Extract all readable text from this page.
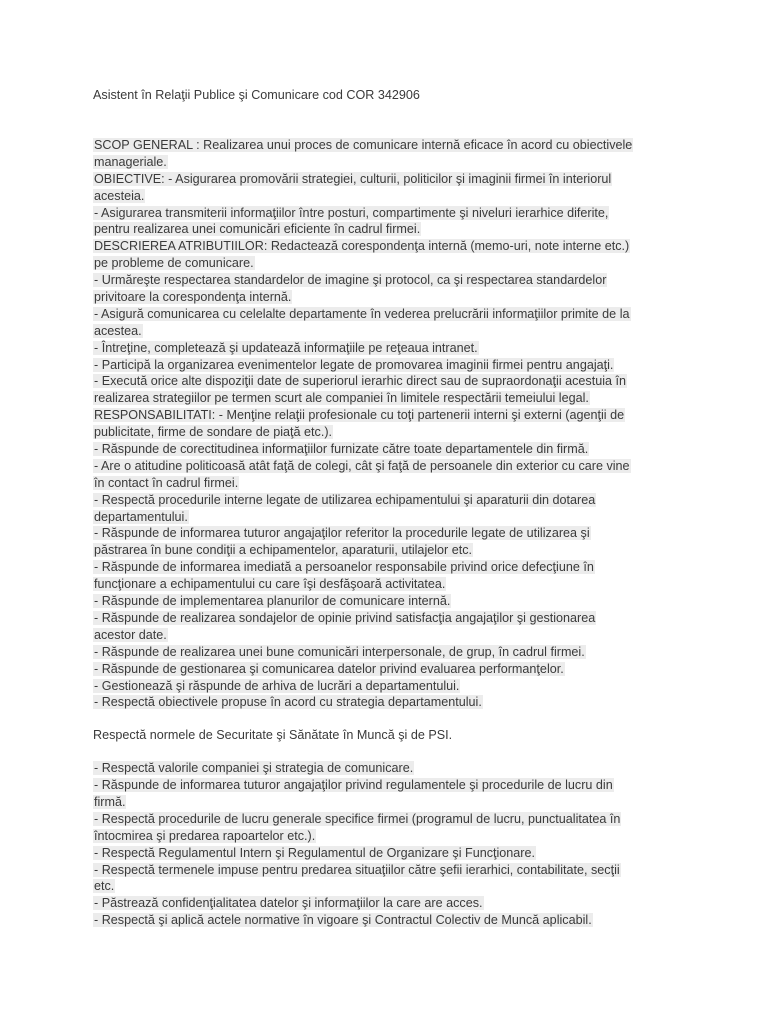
Asistent în Relaţii Publice şi Comunicare cod COR 342906
SCOP GENERAL : Realizarea unui proces de comunicare internă eficace în acord cu obiectivele
manageriale.
OBIECTIVE: - Asigurarea promovării strategiei, culturii, politicilor şi imaginii firmei în interiorul
acesteia.
- Asigurarea transmiterii informaţiilor între posturi, compartimente şi niveluri ierarhice diferite,
pentru realizarea unei comunicări eficiente în cadrul firmei.
DESCRIEREA ATRIBUTIILOR: Redactează corespondenţa internă (memo-uri, note interne etc.)
pe probleme de comunicare.
- Urmăreşte respectarea standardelor de imagine şi protocol, ca şi respectarea standardelor
privitoare la corespondenţa internă.
- Asigură comunicarea cu celelalte departamente în vederea prelucrării informaţiilor primite de la
acestea.
- Întreţine, completează şi updatează informaţiile pe reţeaua intranet.
- Participă la organizarea evenimentelor legate de promovarea imaginii firmei pentru angajaţi.
- Execută orice alte dispoziţii date de superiorul ierarhic direct sau de supraordonaţii acestuia în
realizarea strategiilor pe termen scurt ale companiei în limitele respectării temeiului legal.
RESPONSABILITATI: - Menţine relaţii profesionale cu toţi partenerii interni şi externi (agenţii de
publicitate, firme de sondare de piaţă etc.).
- Răspunde de corectitudinea informaţiilor furnizate către toate departamentele din firmă.
- Are o atitudine politicoasă atât faţă de colegi, cât şi faţă de persoanele din exterior cu care vine
în contact în cadrul firmei.
- Respectă procedurile interne legate de utilizarea echipamentului şi aparaturii din dotarea
departamentului.
- Răspunde de informarea tuturor angajaţilor referitor la procedurile legate de utilizarea şi
păstrarea în bune condiţii a echipamentelor, aparaturii, utilajelor etc.
- Răspunde de informarea imediată a persoanelor responsabile privind orice defecţiune în
funcţionare a echipamentului cu care îşi desfăşoară activitatea.
- Răspunde de implementarea planurilor de comunicare internă.
- Răspunde de realizarea sondajelor de opinie privind satisfacţia angajaţilor şi gestionarea
acestor date.
- Răspunde de realizarea unei bune comunicări interpersonale, de grup, în cadrul firmei.
- Răspunde de gestionarea şi comunicarea datelor privind evaluarea performanţelor.
- Gestionează şi răspunde de arhiva de lucrări a departamentului.
- Respectă obiectivele propuse în acord cu strategia departamentului.
Respectă normele de Securitate şi Sănătate în Muncă şi de PSI.
- Respectă valorile companiei şi strategia de comunicare.
- Răspunde de informarea tuturor angajaţilor privind regulamentele şi procedurile de lucru din
firmă.
- Respectă procedurile de lucru generale specifice firmei (programul de lucru, punctualitatea în
întocmirea şi predarea rapoartelor etc.).
- Respectă Regulamentul Intern şi Regulamentul de Organizare şi Funcţionare.
- Respectă termenele impuse pentru predarea situaţiilor către şefii ierarhici, contabilitate, secţii
etc.
- Păstrează confidenţialitatea datelor şi informaţiilor la care are acces.
- Respectă şi aplică actele normative în vigoare şi Contractul Colectiv de Muncă aplicabil.
